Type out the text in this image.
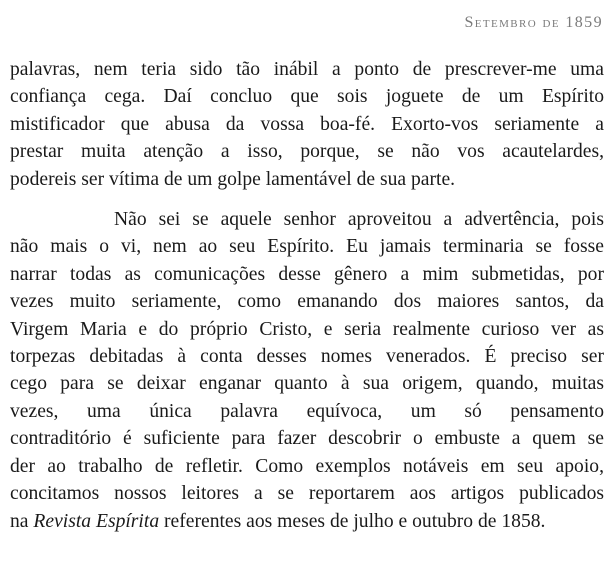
Setembro de 1859

palavras, nem teria sido tão inábil a ponto de prescrever-me uma
confiança cega. Daí concluo que sois joguete de um Espírito
mistificador que abusa da vossa boa-fé. Exorto-vos seriamente a
prestar muita atenção a isso, porque, se não vos acautelardes,
podereis ser vítima de um golpe lamentável de sua parte.

Não sei se aquele senhor aproveitou a advertência, pois
não mais o vi, nem ao seu Espírito. Eu jamais terminaria se fosse
narrar todas as comunicações desse gênero a mim submetidas, por
vezes muito seriamente, como emanando dos maiores santos, da
Virgem Maria e do próprio Cristo, e seria realmente curioso ver as
torpezas debitadas à conta desses nomes venerados. É preciso ser
cego para se deixar enganar quanto à sua origem, quando, muitas
vezes, uma única palavra equívoca, um só pensamento
contraditório é suficiente para fazer descobrir o embuste a quem se
der ao trabalho de refletir. Como exemplos notáveis em seu apoio,
concitamos nossos leitores a se reportarem aos artigos publicados
na Revista Espírita referentes aos meses de julho e outubro de 1858.
